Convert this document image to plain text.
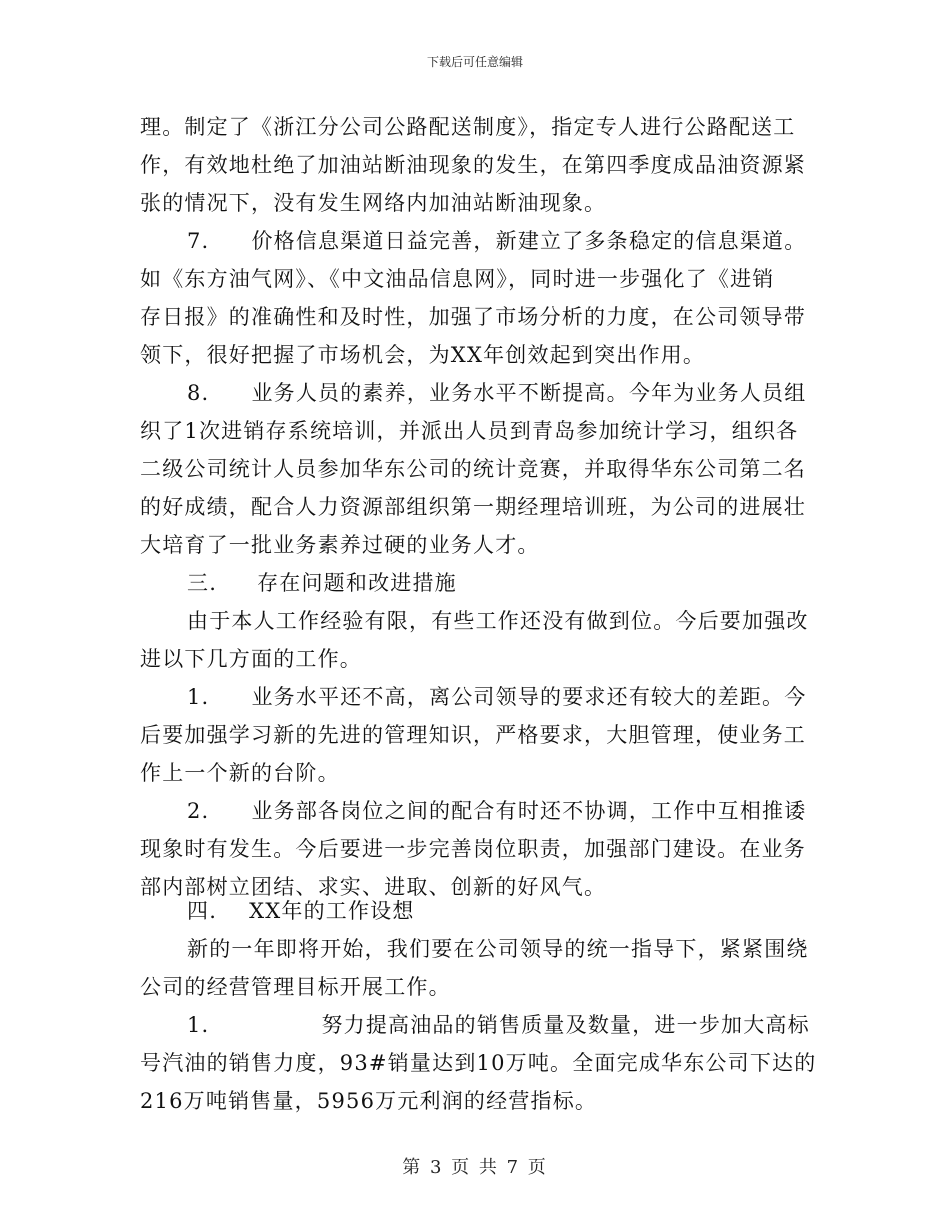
下载后可任意编辑
理。制定了《浙江分公司公路配送制度》，指定专人进行公路配送工
作，有效地杜绝了加油站断油现象的发生，在第四季度成品油资源紧
张的情况下，没有发生网络内加油站断油现象。
7. 价格信息渠道日益完善，新建立了多条稳定的信息渠道。
如《东方油气网》、《中文油品信息网》，同时进一步强化了《进销
存日报》的准确性和及时性，加强了市场分析的力度，在公司领导带
领下，很好把握了市场机会，为XX年创效起到突出作用。
8. 业务人员的素养，业务水平不断提高。今年为业务人员组
织了1次进销存系统培训，并派出人员到青岛参加统计学习，组织各
二级公司统计人员参加华东公司的统计竞赛，并取得华东公司第二名
的好成绩，配合人力资源部组织第一期经理培训班，为公司的进展壮
大培育了一批业务素养过硬的业务人才。
三. 存在问题和改进措施
由于本人工作经验有限，有些工作还没有做到位。今后要加强改
进以下几方面的工作。
1. 业务水平还不高，离公司领导的要求还有较大的差距。今
后要加强学习新的先进的管理知识，严格要求，大胆管理，使业务工
作上一个新的台阶。
2. 业务部各岗位之间的配合有时还不协调，工作中互相推诿
现象时有发生。今后要进一步完善岗位职责，加强部门建设。在业务
部内部树立团结、求实、进取、创新的好风气。
四. XX年的工作设想
新的一年即将开始，我们要在公司领导的统一指导下，紧紧围绕
公司的经营管理目标开展工作。
1.	努力提高油品的销售质量及数量，进一步加大高标
号汽油的销售力度，93#销量达到10万吨。全面完成华东公司下达的
216万吨销售量，5956万元利润的经营指标。
第 3 页 共 7 页
